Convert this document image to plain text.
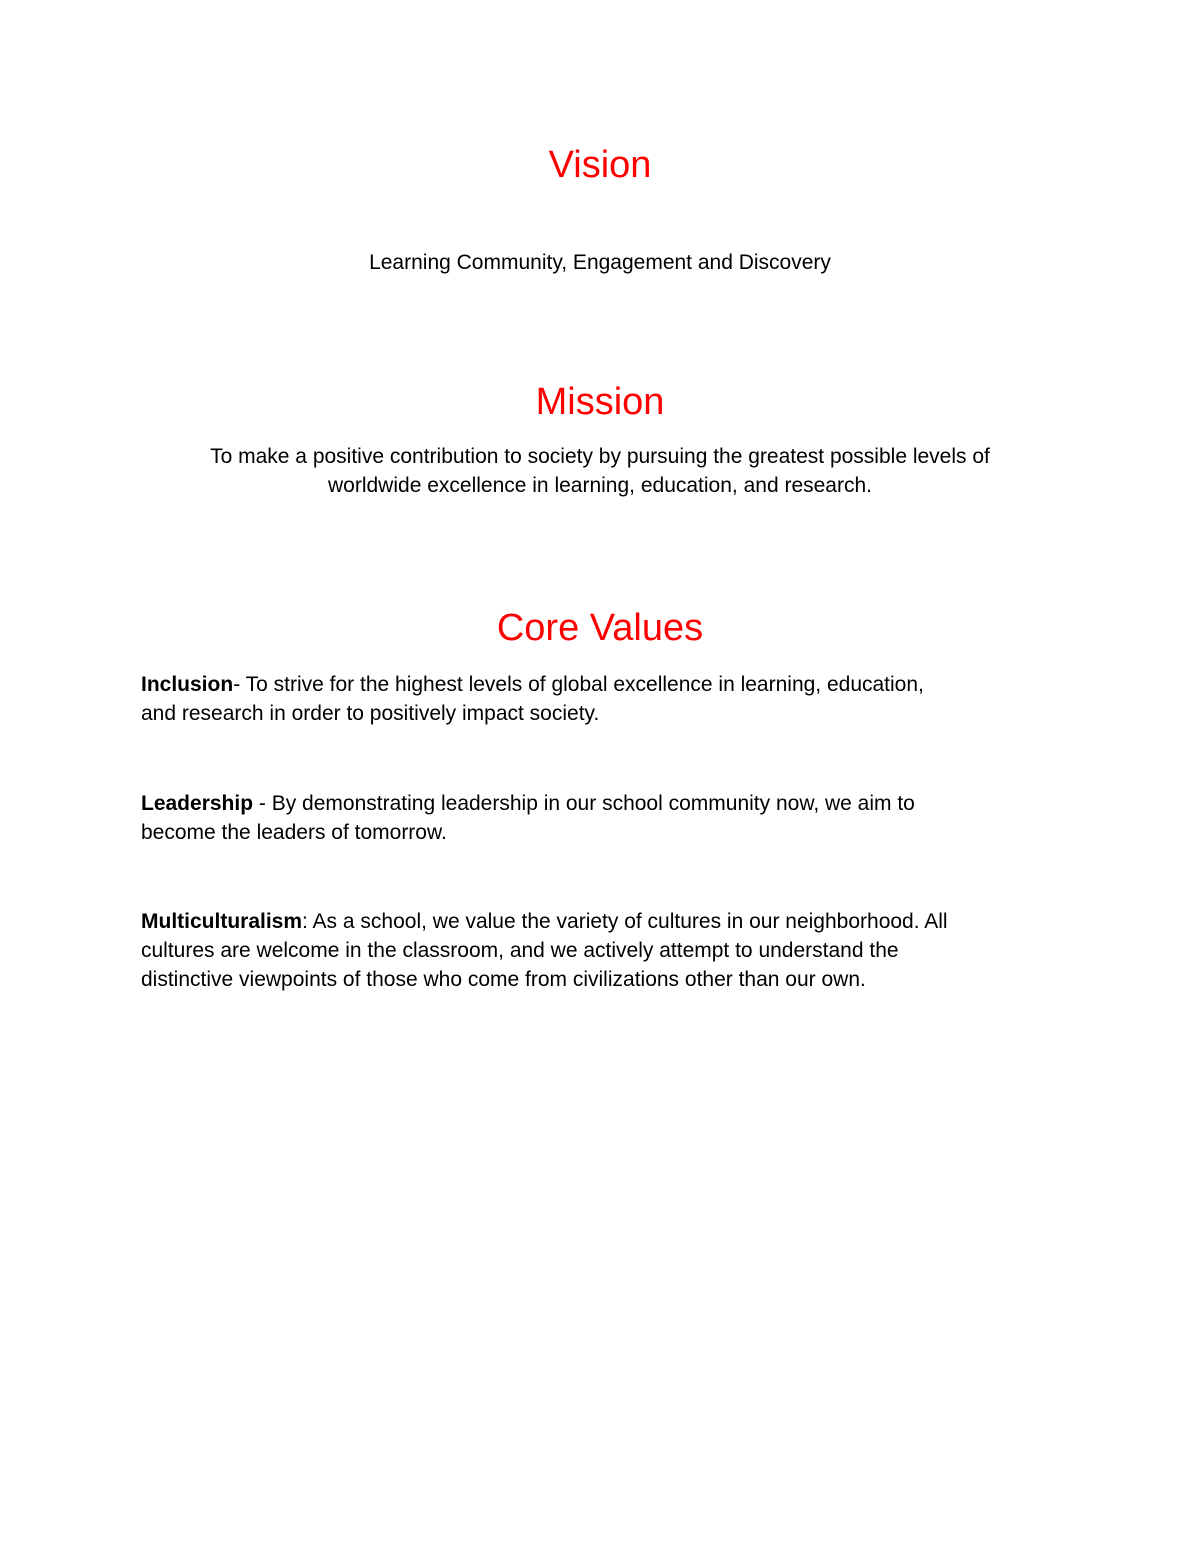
Vision

Learning Community, Engagement and Discovery

Mission
To make a positive contribution to society by pursuing the greatest possible levels of
worldwide excellence in learning, education, and research.
Core Values
Inclusion- To strive for the highest levels of global excellence in learning, education,
and research in order to positively impact society.
Leadership - By demonstrating leadership in our school community now, we aim to
become the leaders of tomorrow.
Multiculturalism: As a school, we value the variety of cultures in our neighborhood. All
cultures are welcome in the classroom, and we actively attempt to understand the
distinctive viewpoints of those who come from civilizations other than our own.
